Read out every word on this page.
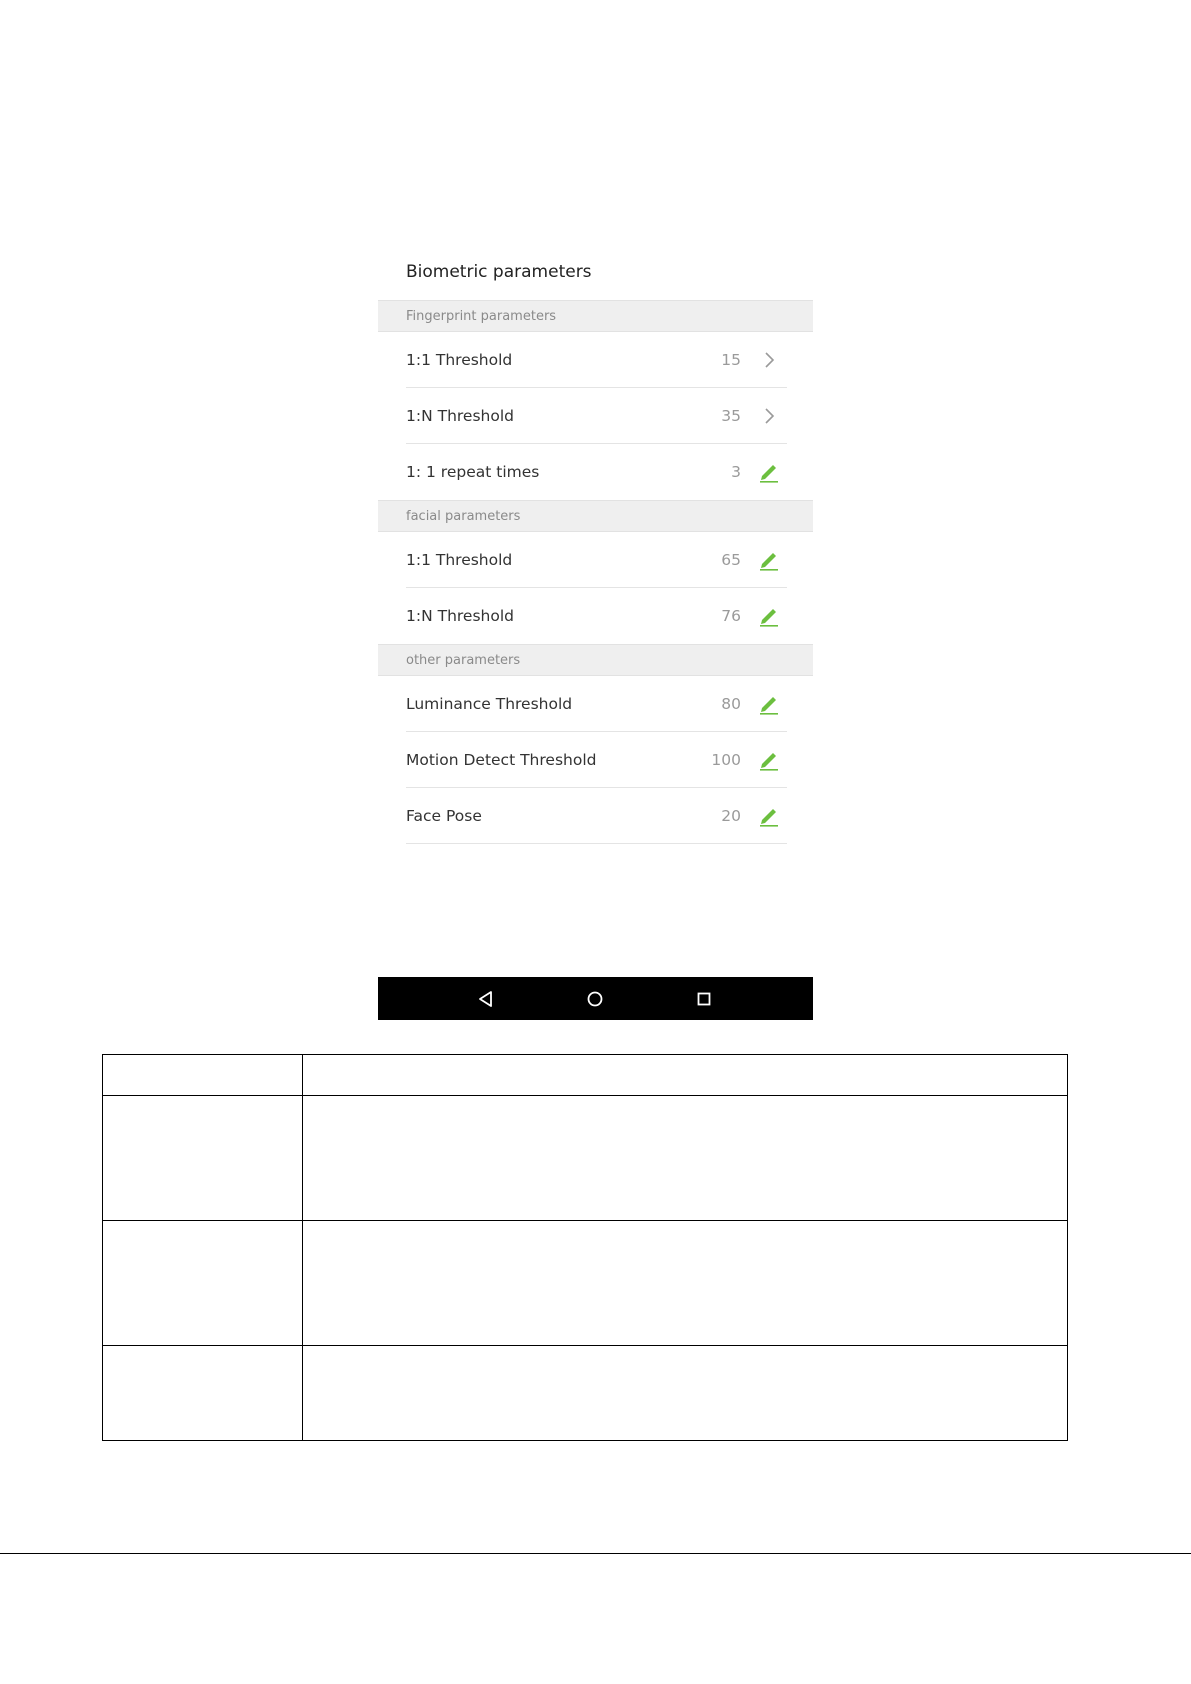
Biometric parameters
Fingerprint parameters
1:1 Threshold	15
1:N Threshold	35
1: 1 repeat times	3
facial parameters
1:1 Threshold	65
1:N Threshold	76
other parameters
Luminance Threshold	80
Motion Detect Threshold	100
Face Pose	20
